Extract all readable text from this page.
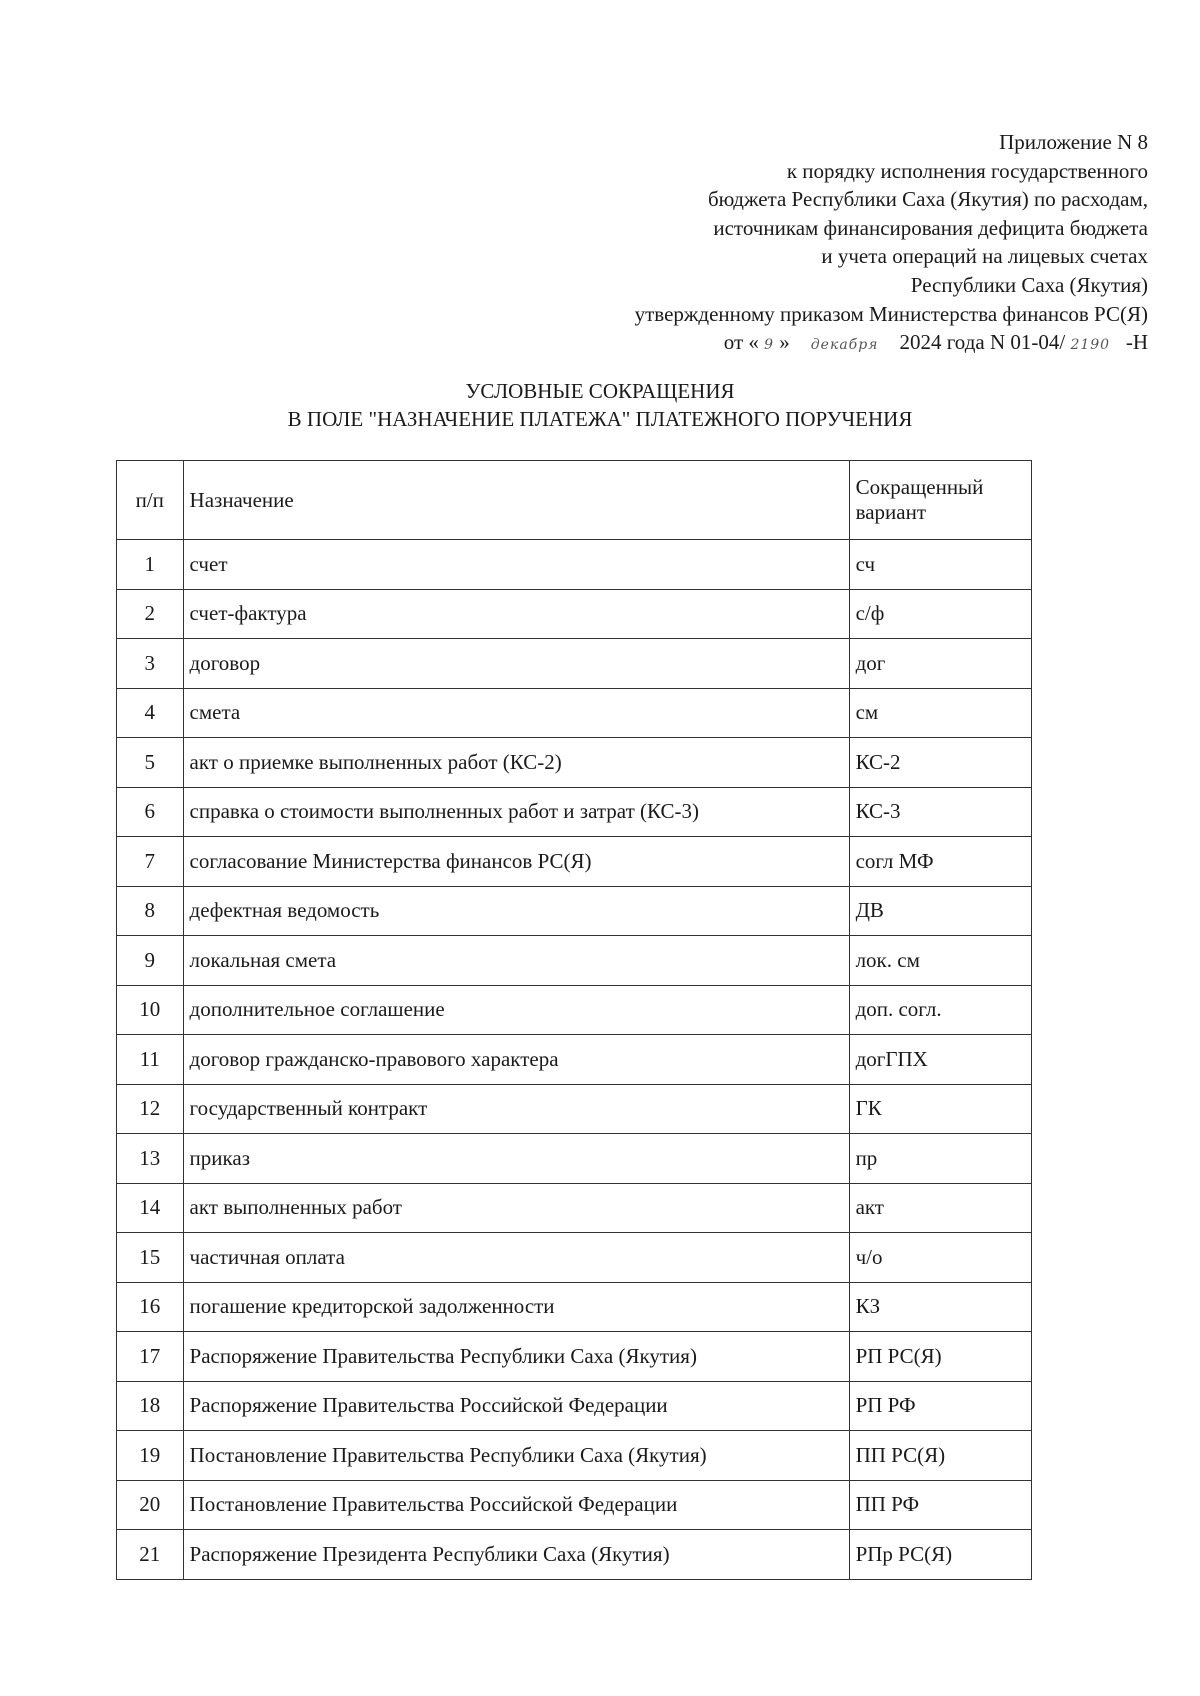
Приложение N 8
к порядку исполнения государственного
бюджета Республики Саха (Якутия) по расходам,
источникам финансирования дефицита бюджета
и учета операций на лицевых счетах
Республики Саха (Якутия)
утвержденному приказом Министерства финансов РС(Я)
от « 9 » декабря 2024 года N 01-04/ 2190 -Н
УСЛОВНЫЕ СОКРАЩЕНИЯ
В ПОЛЕ "НАЗНАЧЕНИЕ ПЛАТЕЖА" ПЛАТЕЖНОГО ПОРУЧЕНИЯ
п/п	Назначение	Сокращенный вариант
1	счет	сч
2	счет-фактура	с/ф
3	договор	дог
4	смета	см
5	акт о приемке выполненных работ (КС-2)	КС-2
6	справка о стоимости выполненных работ и затрат (КС-3)	КС-3
7	согласование Министерства финансов РС(Я)	согл МФ
8	дефектная ведомость	ДВ
9	локальная смета	лок. см
10	дополнительное соглашение	доп. согл.
11	договор гражданско-правового характера	догГПХ
12	государственный контракт	ГК
13	приказ	пр
14	акт выполненных работ	акт
15	частичная оплата	ч/о
16	погашение кредиторской задолженности	КЗ
17	Распоряжение Правительства Республики Саха (Якутия)	РП РС(Я)
18	Распоряжение Правительства Российской Федерации	РП РФ
19	Постановление Правительства Республики Саха (Якутия)	ПП РС(Я)
20	Постановление Правительства Российской Федерации	ПП РФ
21	Распоряжение Президента Республики Саха (Якутия)	РПр РС(Я)
